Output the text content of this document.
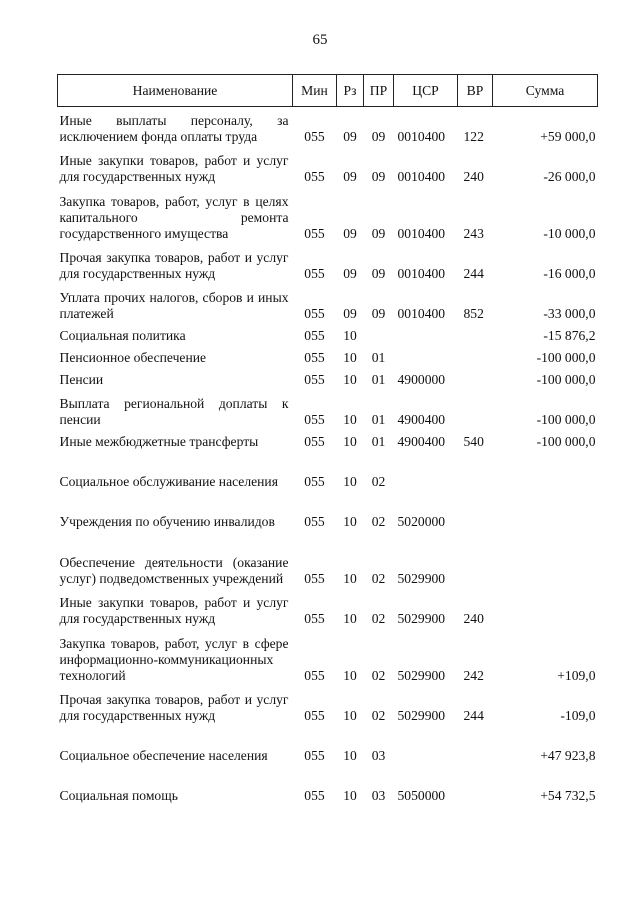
65
Наименование	Мин	Рз	ПР	ЦСР	ВР	Сумма

Иные выплаты персоналу, за исключением фонда оплаты труда	055	09	09	0010400	122	+59 000,0

Иные закупки товаров, работ и услуг для государственных нужд	055	09	09	0010400	240	-26 000,0

Закупка товаров, работ, услуг в целях капитального ремонта государственного имущества	055	09	09	0010400	243	-10 000,0

Прочая закупка товаров, работ и услуг для государственных нужд	055	09	09	0010400	244	-16 000,0

Уплата прочих налогов, сборов и иных платежей	055	09	09	0010400	852	-33 000,0

Социальная политика	055	10				-15 876,2

Пенсионное обеспечение	055	10	01			-100 000,0

Пенсии	055	10	01	4900000		-100 000,0

Выплата региональной доплаты к пенсии	055	10	01	4900400		-100 000,0

Иные межбюджетные трансферты	055	10	01	4900400	540	-100 000,0

Социальное обслуживание населения	055	10	02			

Учреждения по обучению инвалидов	055	10	02	5020000		

Обеспечение деятельности (оказание услуг) подведомственных учреждений	055	10	02	5029900		

Иные закупки товаров, работ и услуг для государственных нужд	055	10	02	5029900	240	

Закупка товаров, работ, услуг в сфере информационно-коммуникационных технологий	055	10	02	5029900	242	+109,0

Прочая закупка товаров, работ и услуг для государственных нужд	055	10	02	5029900	244	-109,0

Социальное обеспечение населения	055	10	03			+47 923,8

Социальная помощь	055	10	03	5050000		+54 732,5
